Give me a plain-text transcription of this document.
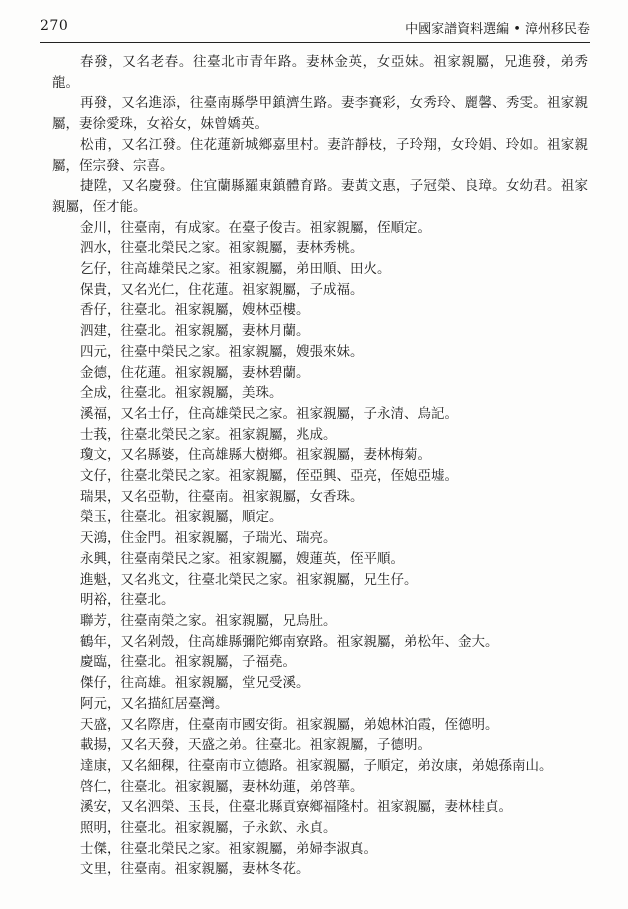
270	中國家譜資料選編 • 漳州移民卷

春發，又名老春。往臺北市青年路。妻林金英，女亞妹。祖家親屬，兄進發，弟秀龍。

再發，又名進添，往臺南縣學甲鎮濟生路。妻李賽彩，女秀玲、麗馨、秀雯。祖家親屬，妻徐愛珠，女裕女，妹曾嬌英。

松甫，又名江發。住花蓮新城鄉嘉里村。妻許靜枝，子玲翔，女玲娟、玲如。祖家親屬，侄宗發、宗喜。

捷陞，又名慶發。住宜蘭縣羅東鎮體育路。妻黃文惠，子冠榮、良璋。女幼君。祖家親屬，侄才能。

金川，往臺南，有成家。在臺子俊吉。祖家親屬，侄順定。

泗水，往臺北榮民之家。祖家親屬，妻林秀桃。

乞仔，往高雄榮民之家。祖家親屬，弟田順、田火。

保貴，又名光仁，住花蓮。祖家親屬，子成福。

香仔，往臺北。祖家親屬，嫂林亞樓。

泗建，往臺北。祖家親屬，妻林月蘭。

四元，往臺中榮民之家。祖家親屬，嫂張來妹。

金德，住花蓮。祖家親屬，妻林碧蘭。

全成，往臺北。祖家親屬，美珠。

溪福，又名士仔，住高雄榮民之家。祖家親屬，子永清、烏記。

士莪，往臺北榮民之家。祖家親屬，兆成。

瓊文，又名縣婆，住高雄縣大樹鄉。祖家親屬，妻林梅菊。

文仔，往臺北榮民之家。祖家親屬，侄亞興、亞亮，侄媳亞墟。

瑞果，又名亞勒，往臺南。祖家親屬，女香珠。

榮玉，往臺北。祖家親屬，順定。

天鴻，住金門。祖家親屬，子瑞光、瑞亮。

永興，往臺南榮民之家。祖家親屬，嫂蓮英，侄平順。

進魁，又名兆文，往臺北榮民之家。祖家親屬，兄生仔。

明裕，往臺北。

聯芳，往臺南榮之家。祖家親屬，兄烏肚。

鶴年，又名剁殼，住高雄縣彌陀鄉南寮路。祖家親屬，弟松年、金大。

慶臨，往臺北。祖家親屬，子福堯。

傑仔，往高雄。祖家親屬，堂兄受溪。

阿元，又名描紅居臺灣。

天盛，又名際唐，住臺南市國安街。祖家親屬，弟媳林泊霞，侄德明。

載揚，又名天發，天盛之弟。往臺北。祖家親屬，子德明。

達康，又名細稞，往臺南市立德路。祖家親屬，子順定，弟汝康，弟媳孫南山。

啓仁，往臺北。祖家親屬，妻林幼蓮，弟啓華。

溪安，又名泗榮、玉長，住臺北縣貢寮鄉福隆村。祖家親屬，妻林桂貞。

照明，往臺北。祖家親屬，子永欽、永貞。

士傑，往臺北榮民之家。祖家親屬，弟婦李淑真。

文里，往臺南。祖家親屬，妻林冬花。
